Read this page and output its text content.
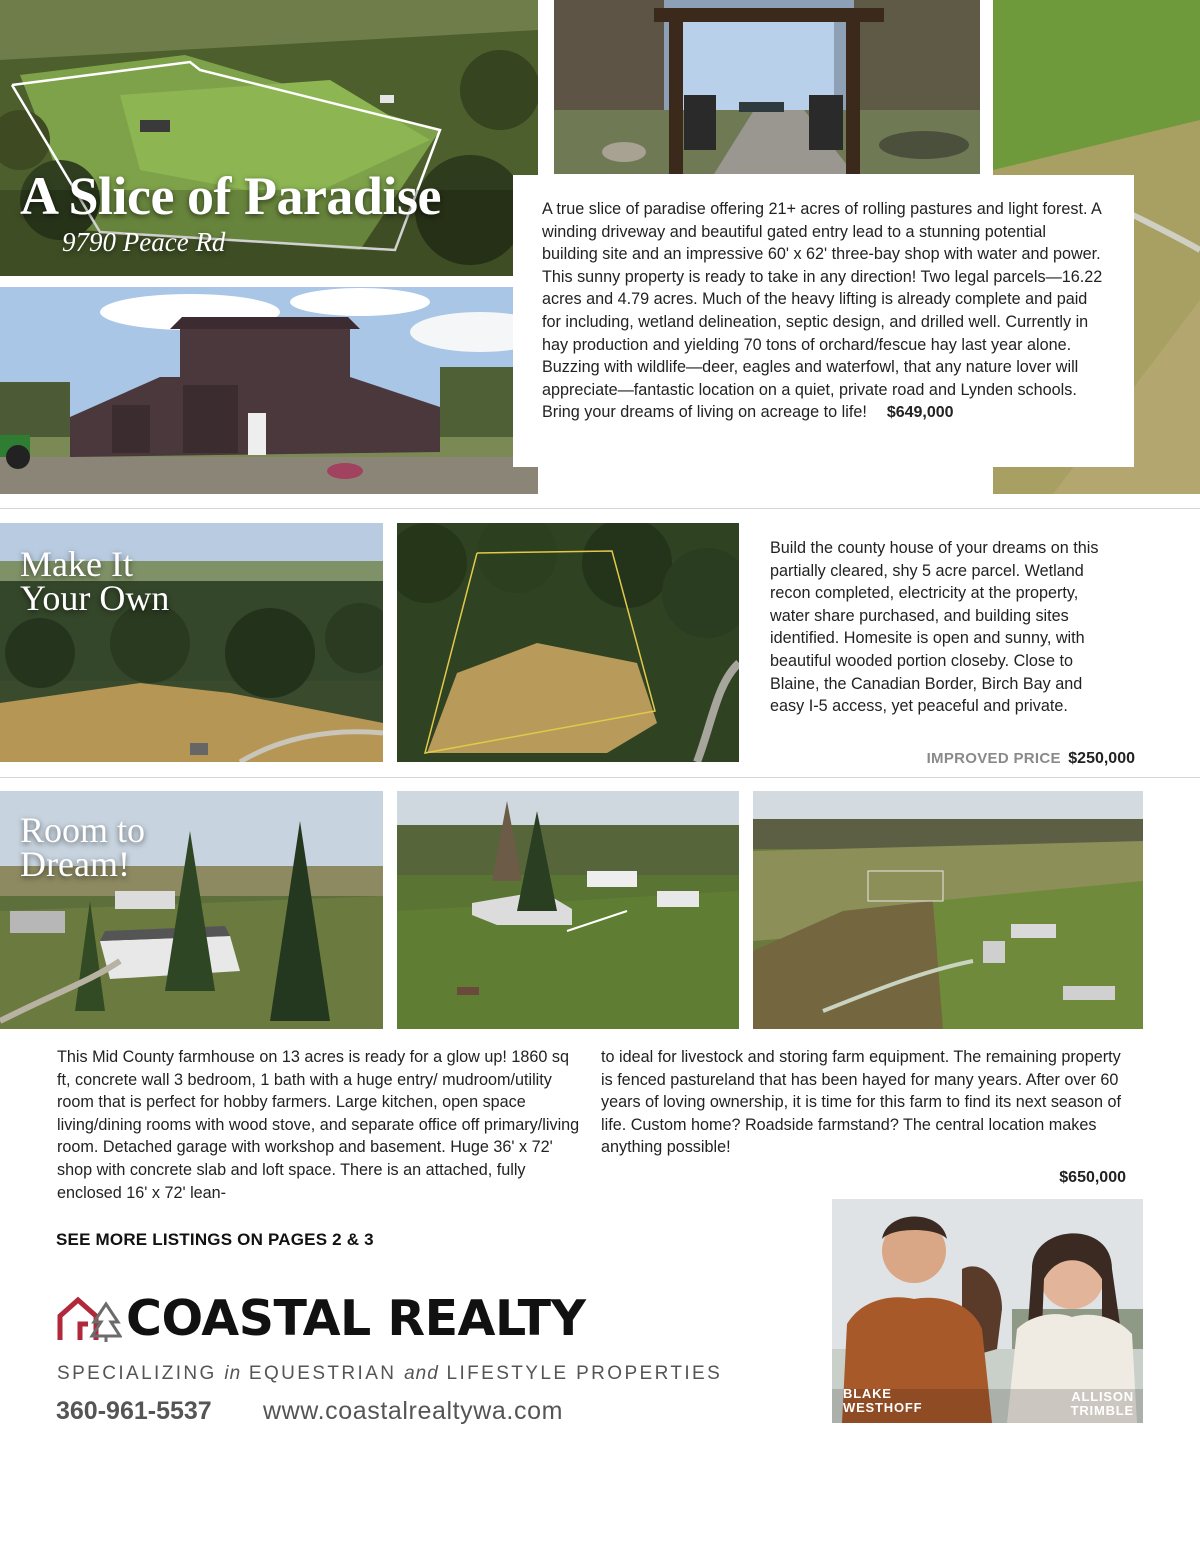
A Slice of Paradise
9790 Peace Rd
A true slice of paradise offering 21+ acres of rolling pastures and light forest. A winding driveway and beautiful gated entry lead to a stunning potential building site and an impressive 60' x 62' three-bay shop with water and power. This sunny property is ready to take in any direction! Two legal parcels—16.22 acres and 4.79 acres. Much of the heavy lifting is already complete and paid for including, wetland delineation, septic design, and drilled well. Currently in hay production and yielding 70 tons of orchard/fescue hay last year alone. Buzzing with wildlife—deer, eagles and waterfowl, that any nature lover will appreciate—fantastic location on a quiet, private road and Lynden schools. Bring your dreams of living on acreage to life! $649,000
Make It
Your Own
Build the county house of your dreams on this partially cleared, shy 5 acre parcel. Wetland recon completed, electricity at the property, water share purchased, and building sites identified. Homesite is open and sunny, with beautiful wooded portion closeby. Close to Blaine, the Canadian Border, Birch Bay and easy I-5 access, yet peaceful and private.
IMPROVED PRICE $250,000
Room to
Dream!
This Mid County farmhouse on 13 acres is ready for a glow up! 1860 sq ft, concrete wall 3 bedroom, 1 bath with a huge entry/ mudroom/utility room that is perfect for hobby farmers. Large kitchen, open space living/dining rooms with wood stove, and separate office off primary/living room. Detached garage with workshop and basement. Huge 36' x 72' shop with concrete slab and loft space. There is an attached, fully enclosed 16' x 72' lean-
to ideal for livestock and storing farm equipment. The remaining property is fenced pastureland that has been hayed for many years. After over 60 years of loving ownership, it is time for this farm to find its next season of life. Custom home? Roadside farmstand? The central location makes anything possible!
$650,000
SEE MORE LISTINGS ON PAGES 2 & 3
COASTAL REALTY
SPECIALIZING in EQUESTRIAN and LIFESTYLE PROPERTIES
360-961-5537 www.coastalrealtywa.com
BLAKE
WESTHOFF
ALLISON
TRIMBLE
